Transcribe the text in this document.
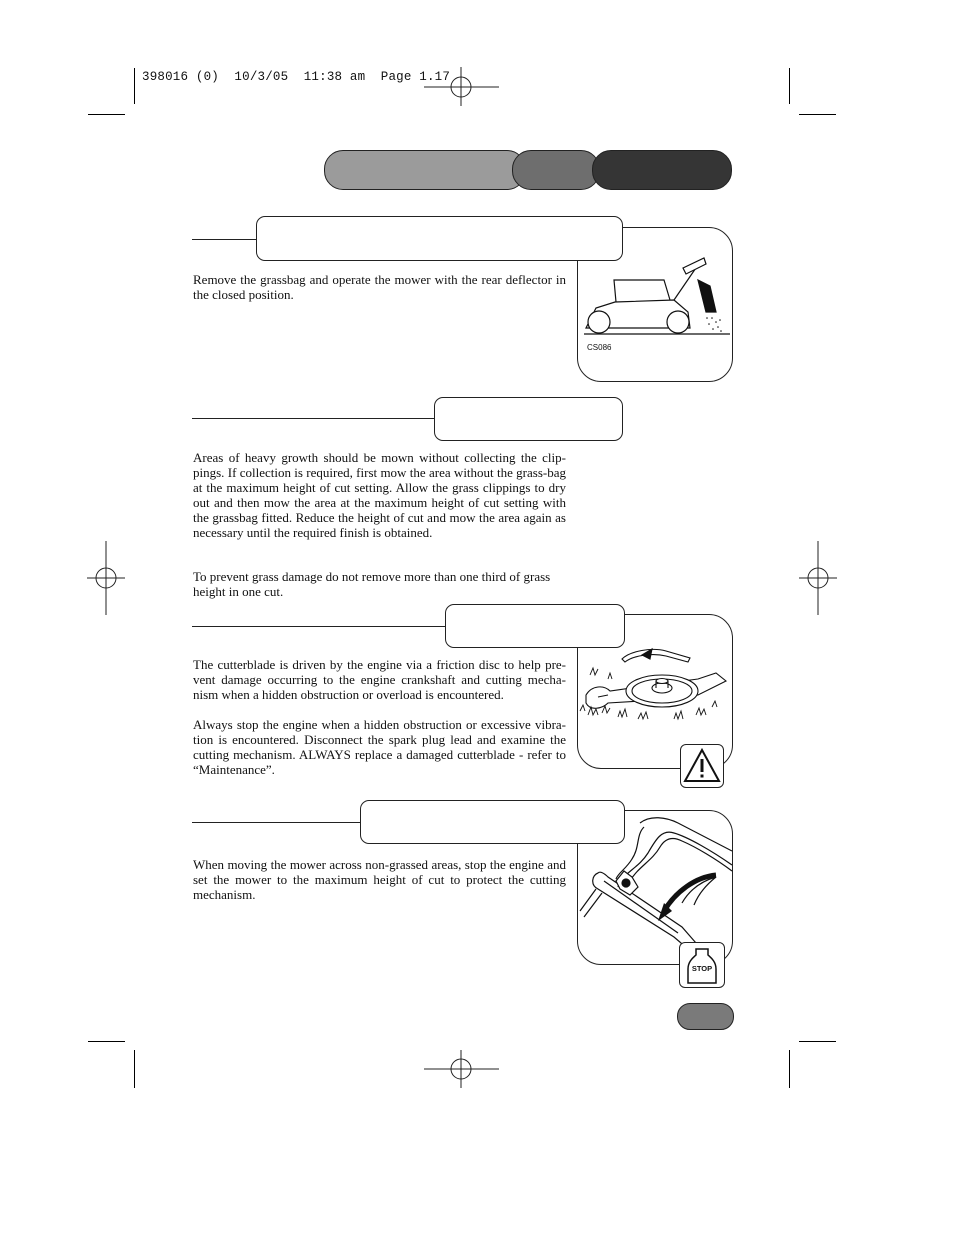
398016 (0)  10/3/05  11:38 am  Page 1.17
CS086
Remove the grassbag and operate the mower with the rear deflector in the closed position.
Areas of heavy growth should be mown without collecting the clip-pings. If collection is required, first mow the area without the grass-bag at the maximum height of cut setting. Allow the grass clippings to dry out and then mow the area at the maximum height of cut setting with the grassbag fitted. Reduce the height of cut and mow the area again as necessary until the required finish is obtained.
To prevent grass damage do not remove more than one third of grass height in one cut.
The cutterblade is driven by the engine via a friction disc to help pre-vent damage occurring to the engine crankshaft and cutting mecha-nism when a hidden obstruction or overload is encountered.
Always stop the engine when a hidden obstruction or excessive vibra-tion is encountered. Disconnect the spark plug lead and examine the cutting mechanism. ALWAYS replace a damaged cutterblade - refer to “Maintenance”.
STOP
When moving the mower across non-grassed areas, stop the engine and set the mower to the maximum height of cut to protect the cutting mechanism.
